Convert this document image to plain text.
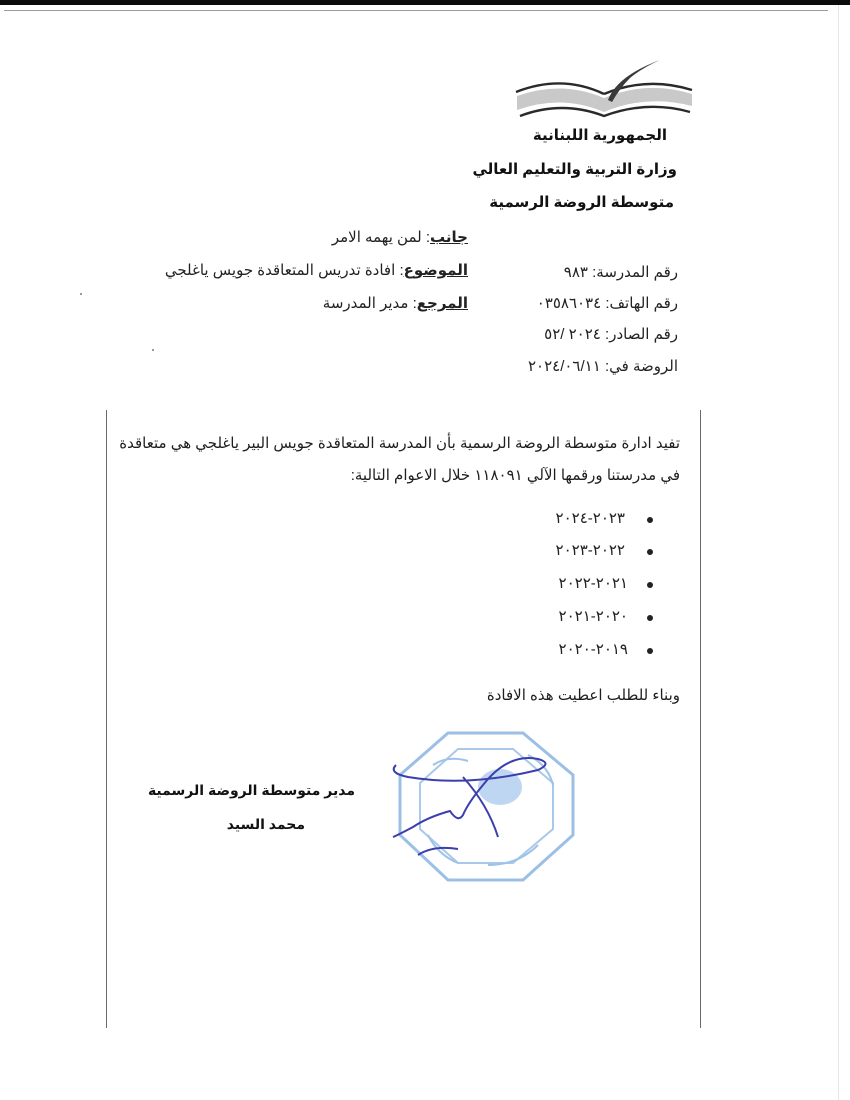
الجمهورية اللبنانية
وزارة التربية والتعليم العالي
متوسطة الروضة الرسمية
جانب: لمن يهمه الامر
الموضوع: افادة تدريس المتعاقدة جويس ياغلجي
المرجع: مدير المدرسة
رقم المدرسة: ٩٨٣
رقم الهاتف: ٠٣٥٨٦٠٣٤
رقم الصادر: ٢٠٢٤ /٥٢
الروضة في: ٢٠٢٤/٠٦/١١
تفيد ادارة متوسطة الروضة الرسمية بأن المدرسة المتعاقدة جويس البير ياغلجي هي متعاقدة
في مدرستنا ورقمها الآلي ١١٨٠٩١ خلال الاعوام التالية:
٢٠٢٣-٢٠٢٤
٢٠٢٢-٢٠٢٣
٢٠٢١-٢٠٢٢
٢٠٢٠-٢٠٢١
٢٠١٩-٢٠٢٠
وبناء للطلب اعطيت هذه الافادة
مدير متوسطة الروضة الرسمية
محمد السيد
